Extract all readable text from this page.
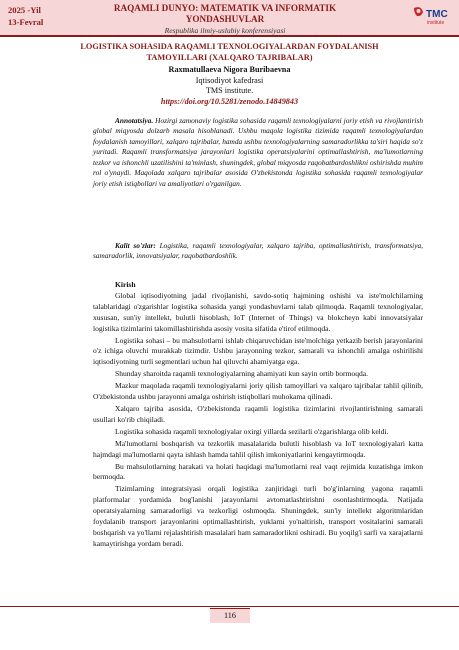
2025 -Yil
13-Fevral
RAQAMLI DUNYO: MATEMATIK VA INFORMATIK
YONDASHUVLAR
Respublika ilmiy-uslubiy konferensiyasi
TMC
institute
LOGISTIKA SOHASIDA RAQAMLI TEXNOLOGIYALARDAN FOYDALANISH
TAMOYILLARI (XALQARO TAJRIBALAR)
Raxmatullaeva Nigora Buribaevna
Iqtisodiyot kafedrasi
TMS institute.
https://doi.org/10.5281/zenodo.14849843
Annotatsiya. Hozirgi zamonaviy logistika sohasida raqamli texnologiyalarni joriy etish va rivojlantirish global miqyosda dolzarb masala hisoblanadi. Ushbu maqola logistika tizimida raqamli texnologiyalardan foydalanish tamoyillari, xalqaro tajribalar, hamda ushbu texnologiyalarning samaradorlikka ta'siri haqida so'z yuritadi. Raqamli transformatsiya jarayonlari logistika operatsiyalarini optimallashtirish, ma'lumotlarning tezkor va ishonchli uzatilishini ta'minlash, shuningdek, global miqyosda raqobatbardoshlikni oshirishda muhim rol o'ynaydi. Maqolada xalqaro tajribalar asosida O'zbekistonda logistika sohasida raqamli texnologiyalar joriy etish istiqbollari va amaliyotlari o'rganilgan.
Kalit so'zlar: Logistika, raqamli texnologiyalar, xalqaro tajriba, optimallashtirish, transformatsiya, samaradorlik, innovatsiyalar, raqobatbardoshlik.
Kirish

Global iqtisodiyotning jadal rivojlanishi, savdo-sotiq hajmining oshishi va iste'molchilarning talablaridagi o'zgarishlar logistika sohasida yangi yondashuvlarni talab qilmoqda. Raqamli texnologiyalar, xususan, sun'iy intellekt, bulutli hisoblash, IoT (Internet of Things) va blokcheyn kabi innovatsiyalar logistika tizimlarini takomillashtirishda asosiy vosita sifatida e'tirof etilmoqda.

Logistika sohasi – bu mahsulotlarni ishlab chiqaruvchidan iste'molchiga yetkazib berish jarayonlarini o'z ichiga oluvchi murakkab tizimdir. Ushbu jarayonning tezkor, samarali va ishonchli amalga oshirilishi iqtisodiyotning turli segmentlari uchun hal qiluvchi ahamiyatga ega.

Shunday sharoitda raqamli texnologiyalarning ahamiyati kun sayin ortib bormoqda.

Mazkur maqolada raqamli texnologiyalarni joriy qilish tamoyillari va xalqaro tajribalar tahlil qilinib, O'zbekistonda ushbu jarayonni amalga oshirish istiqbollari muhokama qilinadi.

Xalqaro tajriba asosida, O'zbekistonda raqamli logistika tizimlarini rivojlantirishning samarali usullari ko'rib chiqiladi.

Logistika sohasida raqamli texnologiyalar oxirgi yillarda sezilarli o'zgarishlarga olib keldi.

Ma'lumotlarni boshqarish va tezkorlik masalalarida bulutli hisoblash va IoT texnologiyalari katta hajmdagi ma'lumotlarni qayta ishlash hamda tahlil qilish imkoniyatlarini kengaytirmoqda.

Bu mahsulotlarning harakati va holati haqidagi ma'lumotlarni real vaqt rejimida kuzatishga imkon bermoqda.

Tizimlarning integratsiyasi orqali logistika zanjiridagi turli bo'g'inlarning yagona raqamli platformalar yordamida bog'lanishi jarayonlarni avtomatlashtirishni osonlashtirmoqda. Natijada operatsiyalarning samaradorligi va tezkorligi oshmoqda. Shuningdek, sun'iy intellekt algoritmlaridan foydalanib transport jarayonlarini optimallashtirish, yuklarni yo'naltirish, transport vositalarini samarali boshqarish va yo'llarni rejalashtirish masalalari ham samaradorlikni oshiradi. Bu yoqilg'i sarfi va xarajatlarni kamaytirishga yordam beradi.

116
